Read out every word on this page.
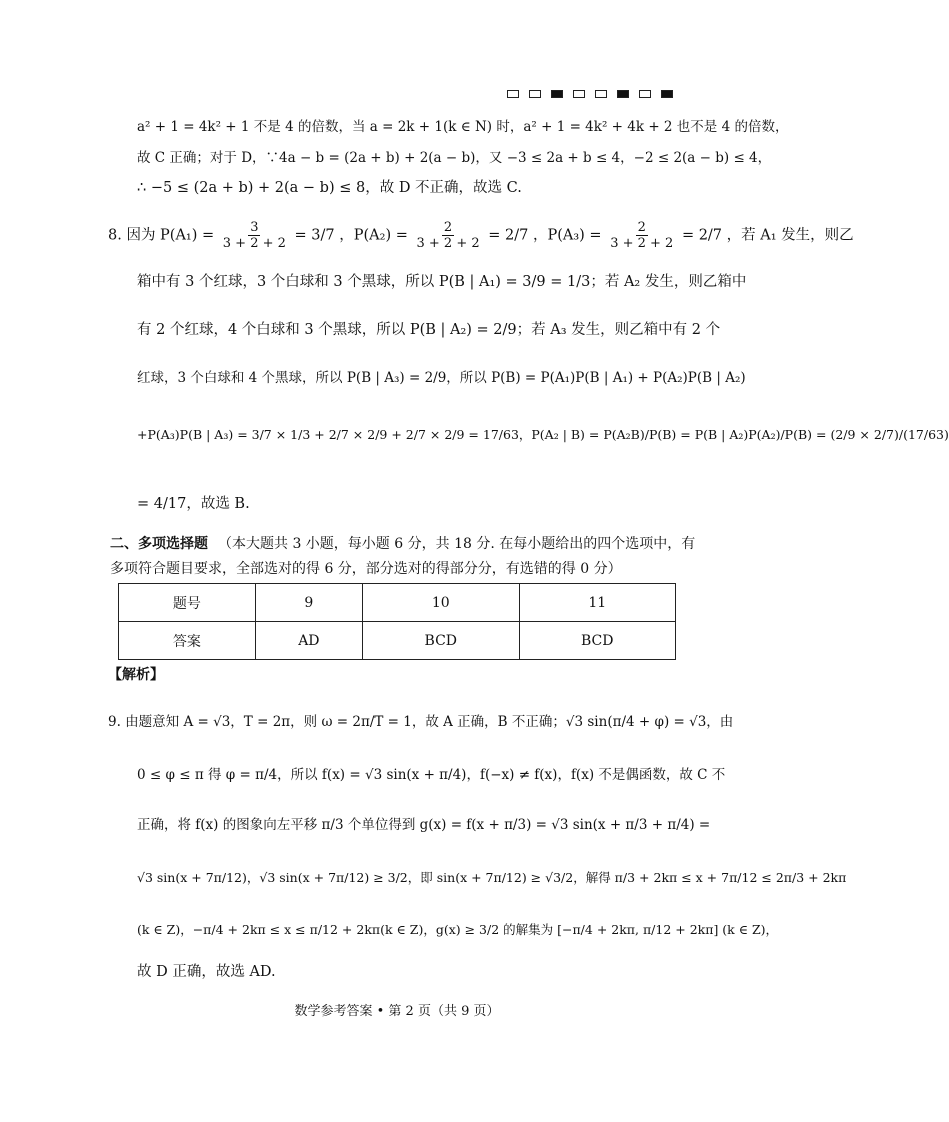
a² + 1 = 4k² + 1 不是 4 的倍数，当 a = 2k + 1(k ∈ N) 时，a² + 1 = 4k² + 4k + 2 也不是 4 的倍数，
故 C 正确；对于 D，∵4a − b = (2a + b) + 2(a − b)，又 −3 ≤ 2a + b ≤ 4，−2 ≤ 2(a − b) ≤ 4，
∴ −5 ≤ (2a + b) + 2(a − b) ≤ 8，故 D 不正确，故选 C.
8. 因为 $P(A_1) = \frac{3}{3 + 2 + 2} = 3/7$ ，$P(A_2) = \frac{2}{3 + 2 + 2} = 2/7$ ，$P(A_3) = \frac{2}{3 + 2 + 2} = 2/7$ ，若 A₁ 发生，则乙
箱中有 3 个红球，3 个白球和 3 个黑球，所以 P(B | A₁) = 3/9 = 1/3；若 A₂ 发生，则乙箱中
有 2 个红球，4 个白球和 3 个黑球，所以 P(B | A₂) = 2/9；若 A₃ 发生，则乙箱中有 2 个
红球，3 个白球和 4 个黑球，所以 P(B | A₃) = 2/9，所以 P(B) = P(A₁)P(B | A₁) + P(A₂)P(B | A₂)
+P(A₃)P(B | A₃) = 3/7 × 1/3 + 2/7 × 2/9 + 2/7 × 2/9 = 17/63，P(A₂ | B) = P(A₂B)/P(B) = P(B | A₂)P(A₂)/P(B) = (2/9 × 2/7)/(17/63)
= 4/17，故选 B.
二、多项选择题 （本大题共 3 小题，每小题 6 分，共 18 分. 在每小题给出的四个选项中，有
多项符合题目要求，全部选对的得 6 分，部分选对的得部分分，有选错的得 0 分）
题号	9	10	11
答案	AD	BCD	BCD
【解析】
9. 由题意知 A = √3，T = 2π，则 ω = 2π/T = 1，故 A 正确，B 不正确；√3 sin(π/4 + φ) = √3，由
0 ≤ φ ≤ π 得 φ = π/4，所以 f(x) = √3 sin(x + π/4)，f(−x) ≠ f(x)，f(x) 不是偶函数，故 C 不
正确，将 f(x) 的图象向左平移 π/3 个单位得到 g(x) = f(x + π/3) = √3 sin(x + π/3 + π/4) =
√3 sin(x + 7π/12)，√3 sin(x + 7π/12) ≥ 3/2，即 sin(x + 7π/12) ≥ √3/2，解得 π/3 + 2kπ ≤ x + 7π/12 ≤ 2π/3 + 2kπ
(k ∈ Z)，−π/4 + 2kπ ≤ x ≤ π/12 + 2kπ(k ∈ Z)，g(x) ≥ 3/2 的解集为 [−π/4 + 2kπ, π/12 + 2kπ] (k ∈ Z)，
故 D 正确，故选 AD.
数学参考答案 • 第 2 页（共 9 页）
